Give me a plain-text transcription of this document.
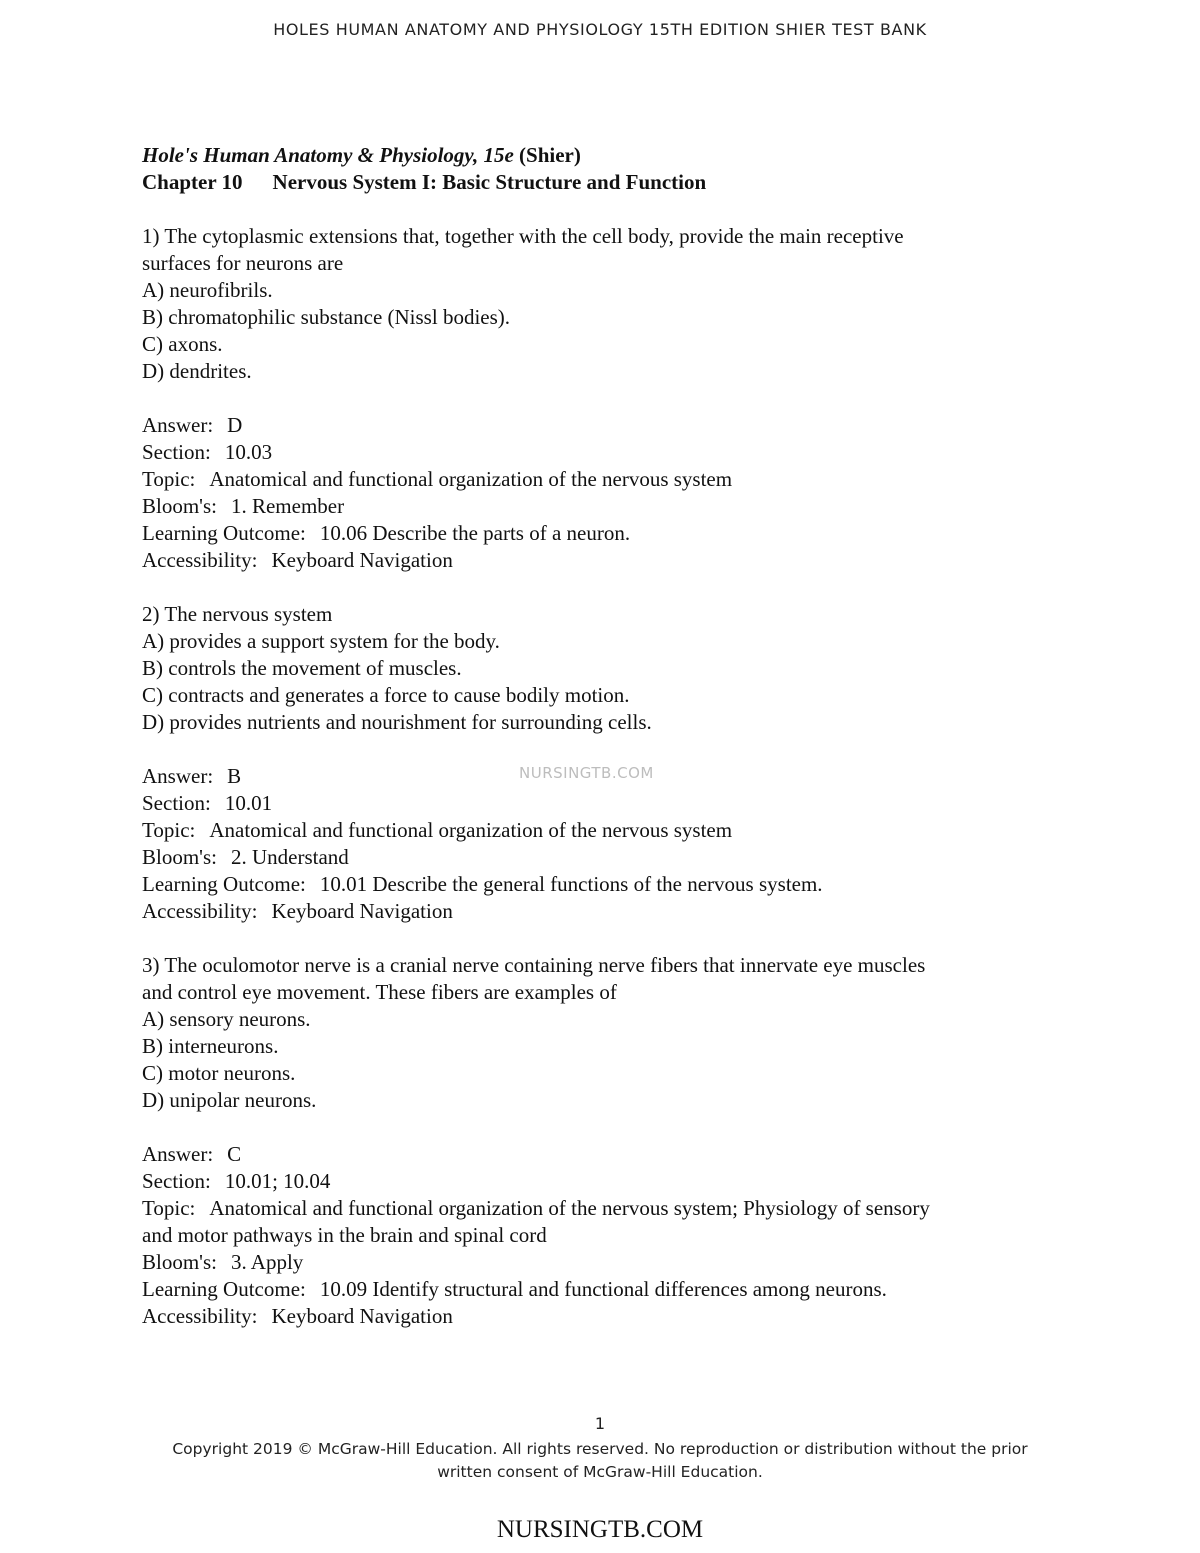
HOLES HUMAN ANATOMY AND PHYSIOLOGY 15TH EDITION SHIER TEST BANK
Hole's Human Anatomy & Physiology, 15e (Shier)
Chapter 10 Nervous System I: Basic Structure and Function
1) The cytoplasmic extensions that, together with the cell body, provide the main receptive
surfaces for neurons are
A) neurofibrils.
B) chromatophilic substance (Nissl bodies).
C) axons.
D) dendrites.
Answer: D
Section: 10.03
Topic: Anatomical and functional organization of the nervous system
Bloom's: 1. Remember
Learning Outcome: 10.06 Describe the parts of a neuron.
Accessibility: Keyboard Navigation
2) The nervous system
A) provides a support system for the body.
B) controls the movement of muscles.
C) contracts and generates a force to cause bodily motion.
D) provides nutrients and nourishment for surrounding cells.
Answer: B
Section: 10.01
Topic: Anatomical and functional organization of the nervous system
Bloom's: 2. Understand
Learning Outcome: 10.01 Describe the general functions of the nervous system.
Accessibility: Keyboard Navigation
3) The oculomotor nerve is a cranial nerve containing nerve fibers that innervate eye muscles
and control eye movement. These fibers are examples of
A) sensory neurons.
B) interneurons.
C) motor neurons.
D) unipolar neurons.
Answer: C
Section: 10.01; 10.04
Topic: Anatomical and functional organization of the nervous system; Physiology of sensory
and motor pathways in the brain and spinal cord
Bloom's: 3. Apply
Learning Outcome: 10.09 Identify structural and functional differences among neurons.
Accessibility: Keyboard Navigation
NURSINGTB.COM
1
Copyright 2019 © McGraw-Hill Education. All rights reserved. No reproduction or distribution without the prior
written consent of McGraw-Hill Education.
NURSINGTB.COM
